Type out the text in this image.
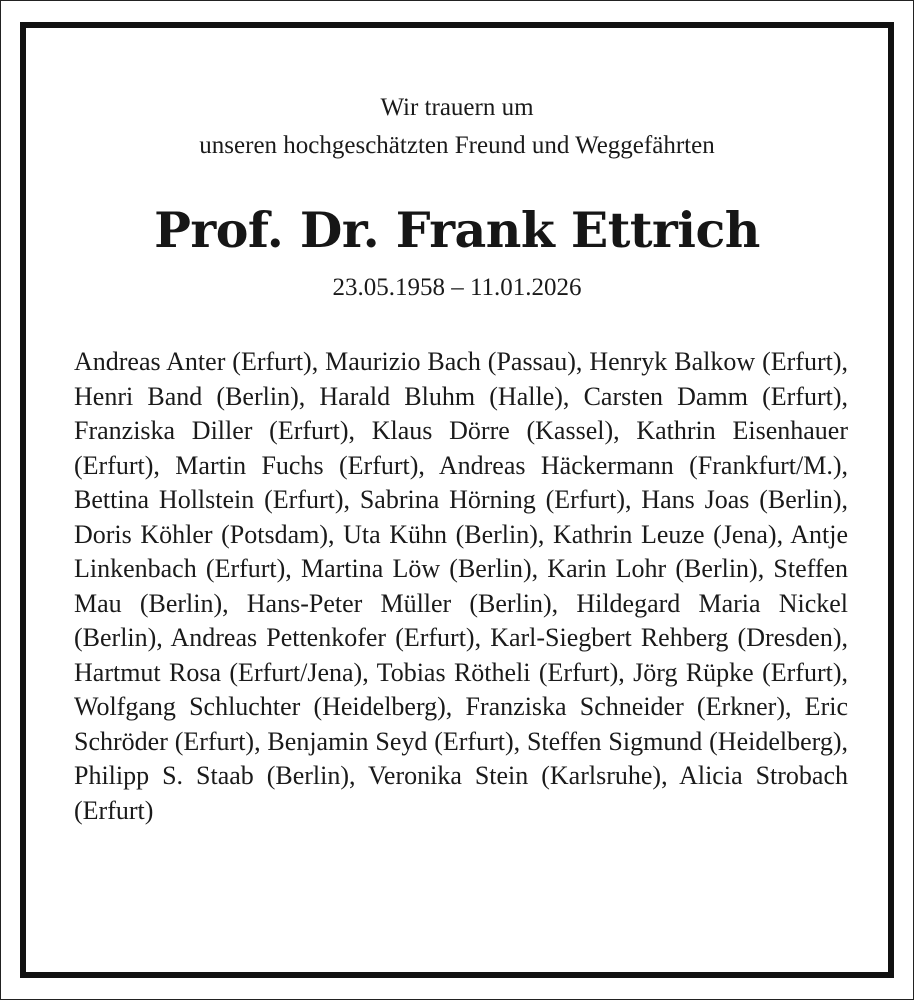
Wir trauern um
unseren hochgeschätzten Freund und Weggefährten
Prof. Dr. Frank Ettrich
23.05.1958 – 11.01.2026

Andreas Anter (Erfurt), Maurizio Bach (Passau), Henryk Balkow (Erfurt), Henri Band (Berlin), Harald Bluhm (Halle), Carsten Damm (Erfurt), Franziska Diller (Erfurt), Klaus Dörre (Kassel), Kathrin Eisenhauer (Erfurt), Martin Fuchs (Erfurt), Andreas Häckermann (Frankfurt/M.), Bettina Hollstein (Erfurt), Sabrina Hörning (Erfurt), Hans Joas (Berlin), Doris Köhler (Potsdam), Uta Kühn (Berlin), Kathrin Leuze (Jena), Antje Linkenbach (Erfurt), Martina Löw (Berlin), Karin Lohr (Berlin), Steffen Mau (Berlin), Hans-Peter Müller (Berlin), Hildegard Maria Nickel (Berlin), Andreas Pettenkofer (Erfurt), Karl-Siegbert Rehberg (Dresden), Hartmut Rosa (Erfurt/Jena), Tobias Rötheli (Erfurt), Jörg Rüpke (Erfurt), Wolfgang Schluchter (Heidelberg), Franziska Schneider (Erkner), Eric Schröder (Erfurt), Benjamin Seyd (Erfurt), Steffen Sigmund (Heidelberg), Philipp S. Staab (Berlin), Veronika Stein (Karlsruhe), Alicia Strobach (Erfurt)
